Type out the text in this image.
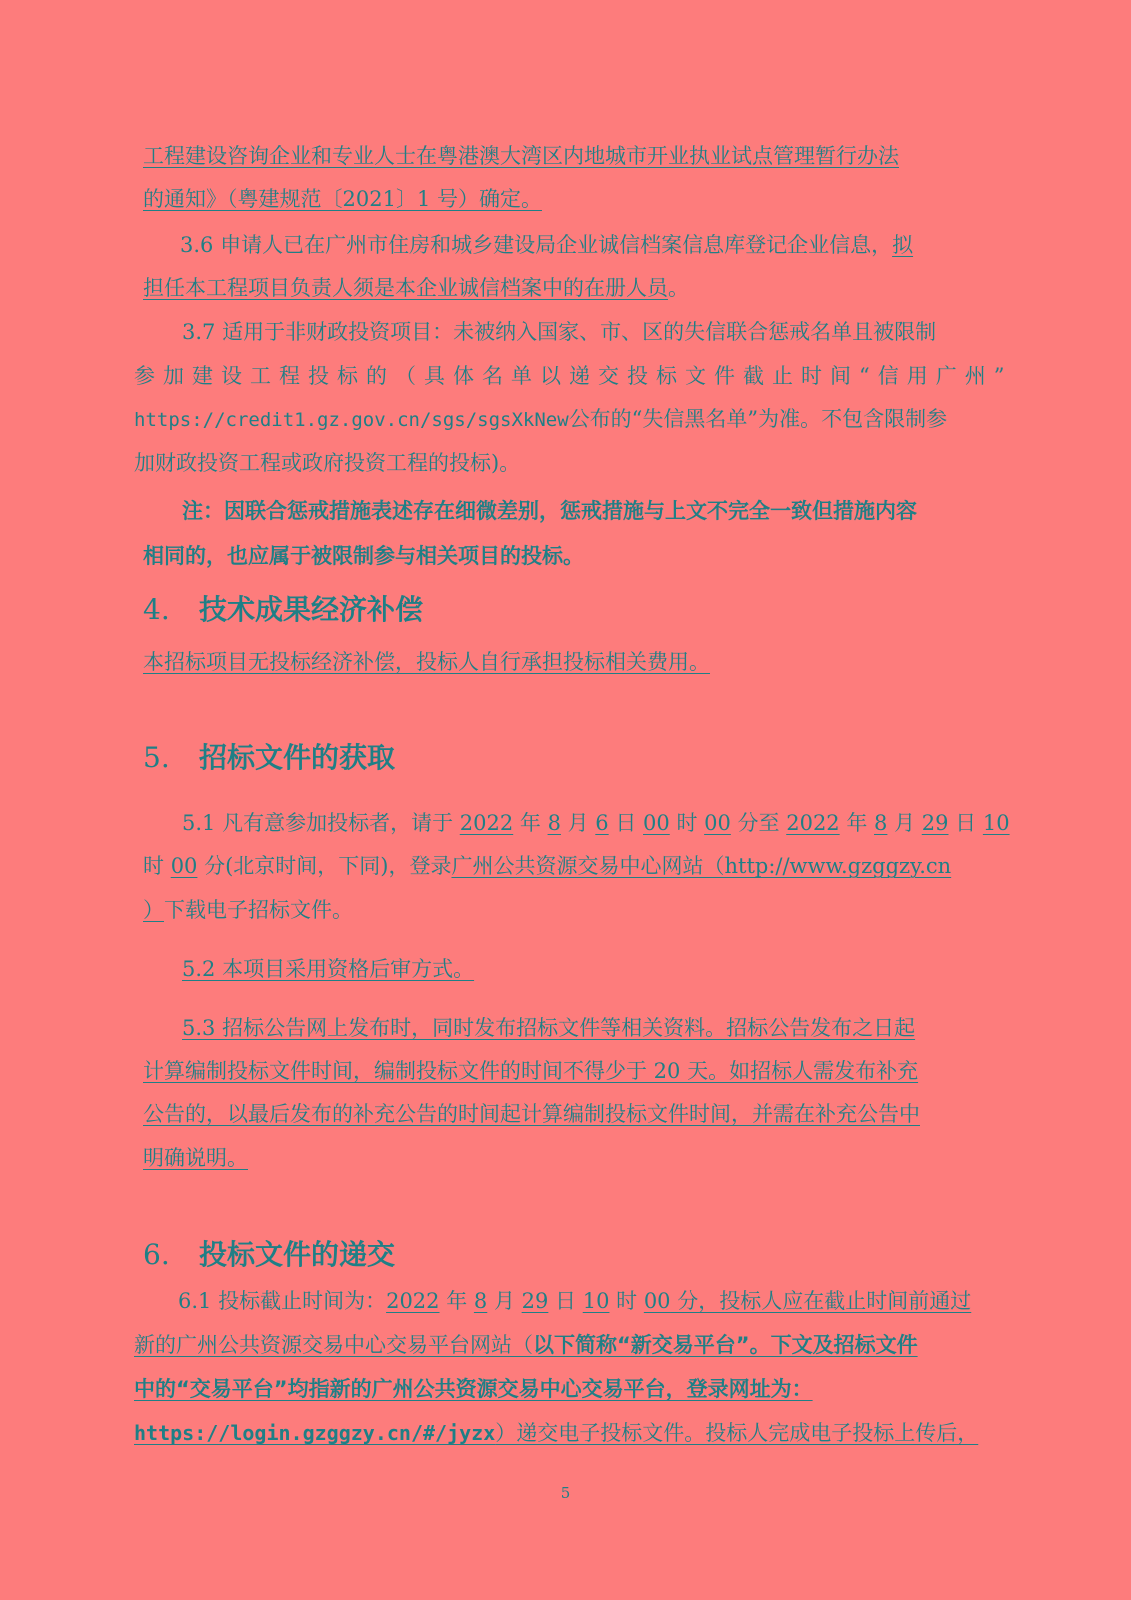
工程建设咨询企业和专业人士在粤港澳大湾区内地城市开业执业试点管理暂行办法
的通知》（粤建规范〔2021〕1 号）确定。
3.6 申请人已在广州市住房和城乡建设局企业诚信档案信息库登记企业信息，拟
担任本工程项目负责人须是本企业诚信档案中的在册人员。
3.7 适用于非财政投资项目：未被纳入国家、市、区的失信联合惩戒名单且被限制
参加建设工程投标的（具体名单以递交投标文件截止时间“信用广州”
https://credit1.gz.gov.cn/sgs/sgsXkNew公布的“失信黑名单”为准。不包含限制参
加财政投资工程或政府投资工程的投标)。
注：因联合惩戒措施表述存在细微差别，惩戒措施与上文不完全一致但措施内容
相同的，也应属于被限制参与相关项目的投标。
4. 技术成果经济补偿
本招标项目无投标经济补偿，投标人自行承担投标相关费用。
5. 招标文件的获取
5.1 凡有意参加投标者，请于 2022 年 8 月 6 日 00 时 00 分至 2022 年 8 月 29 日 10
时 00 分(北京时间，下同)，登录广州公共资源交易中心网站（http://www.gzggzy.cn
）下载电子招标文件。
5.2 本项目采用资格后审方式。
5.3 招标公告网上发布时，同时发布招标文件等相关资料。招标公告发布之日起
计算编制投标文件时间，编制投标文件的时间不得少于 20 天。如招标人需发布补充
公告的，以最后发布的补充公告的时间起计算编制投标文件时间，并需在补充公告中
明确说明。
6. 投标文件的递交
6.1 投标截止时间为：2022 年 8 月 29 日 10 时 00 分，投标人应在截止时间前通过
新的广州公共资源交易中心交易平台网站（以下简称“新交易平台”。下文及招标文件
中的“交易平台”均指新的广州公共资源交易中心交易平台，登录网址为：
https://login.gzggzy.cn/#/jyzx）递交电子投标文件。投标人完成电子投标上传后，
5
